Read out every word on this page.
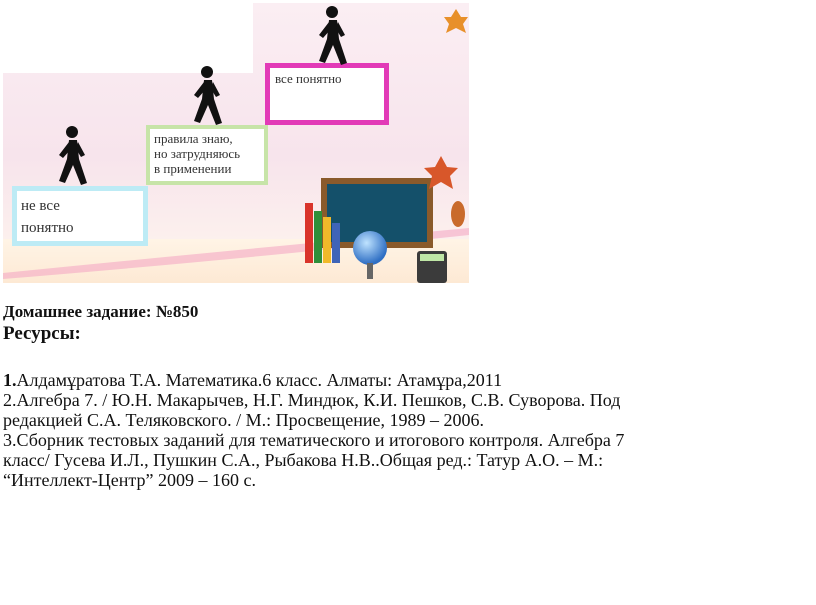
не все
понятно
правила знаю,
но затрудняюсь
в применении
все понятно
Домашнее задание: №850
Ресурсы:
1.Алдамұратова Т.А. Математика.6 класс. Алматы: Атамұра,2011
2.Алгебра 7. / Ю.Н. Макарычев, Н.Г. Миндюк, К.И. Пешков, С.В. Суворова. Под
редакцией С.А. Теляковского. / М.: Просвещение, 1989 – 2006.
3.Сборник тестовых заданий для тематического и итогового контроля. Алгебра 7
класс/ Гусева И.Л., Пушкин С.А., Рыбакова Н.В..Общая ред.: Татур А.О. – М.:
“Интеллект-Центр” 2009 – 160 с.
